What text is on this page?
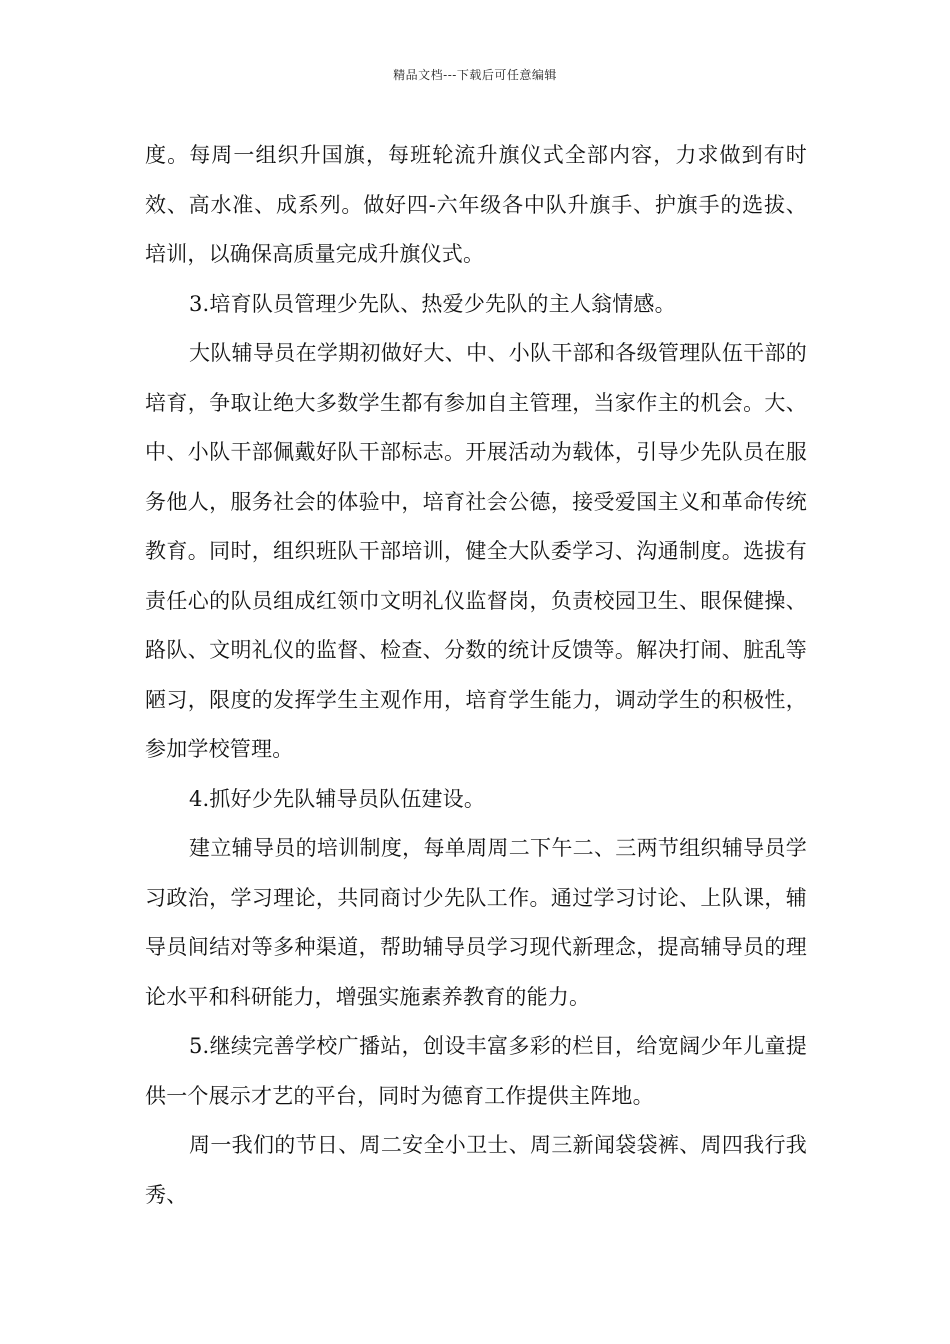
精品文档---下载后可任意编辑

度。每周一组织升国旗，每班轮流升旗仪式全部内容，力求做到有时效、高水准、成系列。做好四-六年级各中队升旗手、护旗手的选拔、培训，以确保高质量完成升旗仪式。

3.培育队员管理少先队、热爱少先队的主人翁情感。

大队辅导员在学期初做好大、中、小队干部和各级管理队伍干部的培育，争取让绝大多数学生都有参加自主管理，当家作主的机会。大、中、小队干部佩戴好队干部标志。开展活动为载体，引导少先队员在服务他人，服务社会的体验中，培育社会公德，接受爱国主义和革命传统教育。同时，组织班队干部培训，健全大队委学习、沟通制度。选拔有责任心的队员组成红领巾文明礼仪监督岗，负责校园卫生、眼保健操、路队、文明礼仪的监督、检查、分数的统计反馈等。解决打闹、脏乱等陋习，限度的发挥学生主观作用，培育学生能力，调动学生的积极性，参加学校管理。

4.抓好少先队辅导员队伍建设。

建立辅导员的培训制度，每单周周二下午二、三两节组织辅导员学习政治，学习理论，共同商讨少先队工作。通过学习讨论、上队课，辅导员间结对等多种渠道，帮助辅导员学习现代新理念，提高辅导员的理论水平和科研能力，增强实施素养教育的能力。

5.继续完善学校广播站，创设丰富多彩的栏目，给宽阔少年儿童提供一个展示才艺的平台，同时为德育工作提供主阵地。

周一我们的节日、周二安全小卫士、周三新闻袋袋裤、周四我行我秀、
